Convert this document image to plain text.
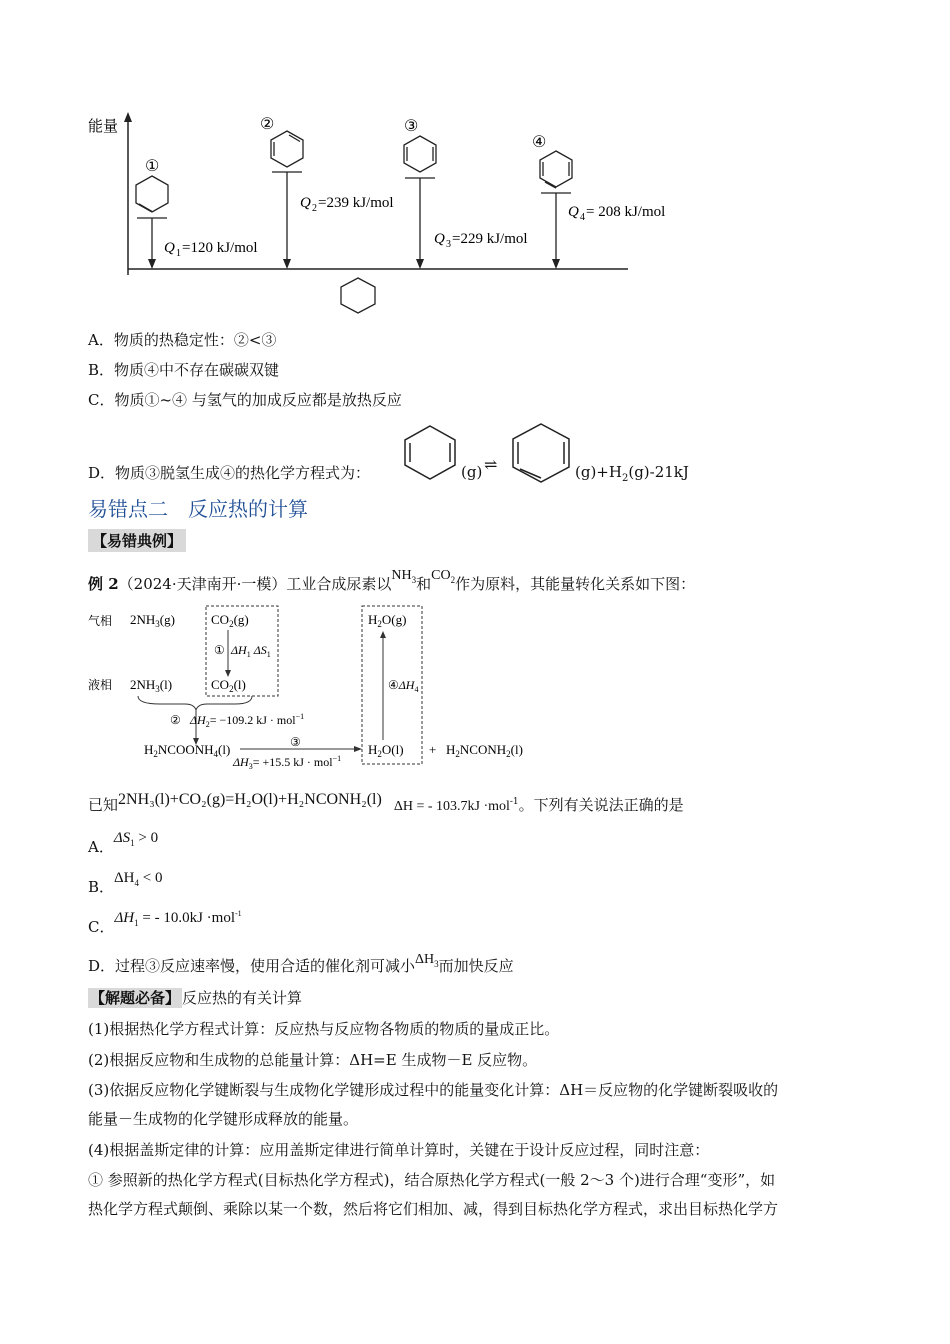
能量
①
Q 1 =120 kJ/mol
②
Q 2 =239 kJ/mol
③
Q 3 =229 kJ/mol
④
Q 4 = 208 kJ/mol
A．物质的热稳定性：②<③
B．物质④中不存在碳碳双键
C．物质①~④ 与氢气的加成反应都是放热反应
D．物质③脱氢生成④的热化学方程式为：	(g) ⇌	$(g)+H_2(g)-21kJ$
易错点二　反应热的计算
【易错典例】
例 2（2024·天津南开·一模）工业合成尿素以$NH_3$和$CO_2$作为原料，其能量转化关系如下图：
气相
液相
$2NH_3(g)$
$2NH_3(l)$
$CO_2(g)$
$CO_2(l)$
① $\Delta H_1$ $\Delta S_1$
② $\Delta H_2= -109.2$ kJ · mol$^{-1}$
$H_2NCOONH_4(l)$	③
$\Delta H_3= +15.5$ kJ · mol$^{-1}$
$H_2O(g)$
$H_2O(l)$
$④\Delta H_4$
+ $H_2NCONH_2(l)$
已知2NH₃(l)+CO₂(g)=H₂O(l)+H₂NCONH₂(l) ΔH = - 103.7kJ ·mol$^{-1}$。下列有关说法正确的是
A．$\Delta S_1 > 0$
B．$\Delta H_4 < 0$
C．$\Delta H_1$ = - 10.0kJ ·mol$^{-1}$
D．过程③反应速率慢，使用合适的催化剂可减小$\Delta H_3$而加快反应
【解题必备】 反应热的有关计算
(1)根据热化学方程式计算：反应热与反应物各物质的物质的量成正比。
(2)根据反应物和生成物的总能量计算：ΔH=E 生成物－E 反应物。
(3)依据反应物化学键断裂与生成物化学键形成过程中的能量变化计算：ΔH＝反应物的化学键断裂吸收的
能量－生成物的化学键形成释放的能量。
(4)根据盖斯定律的计算：应用盖斯定律进行简单计算时，关键在于设计反应过程，同时注意：
① 参照新的热化学方程式(目标热化学方程式)，结合原热化学方程式(一般 2～3 个)进行合理“变形”，如
热化学方程式颠倒、乘除以某一个数，然后将它们相加、减，得到目标热化学方程式，求出目标热化学方
